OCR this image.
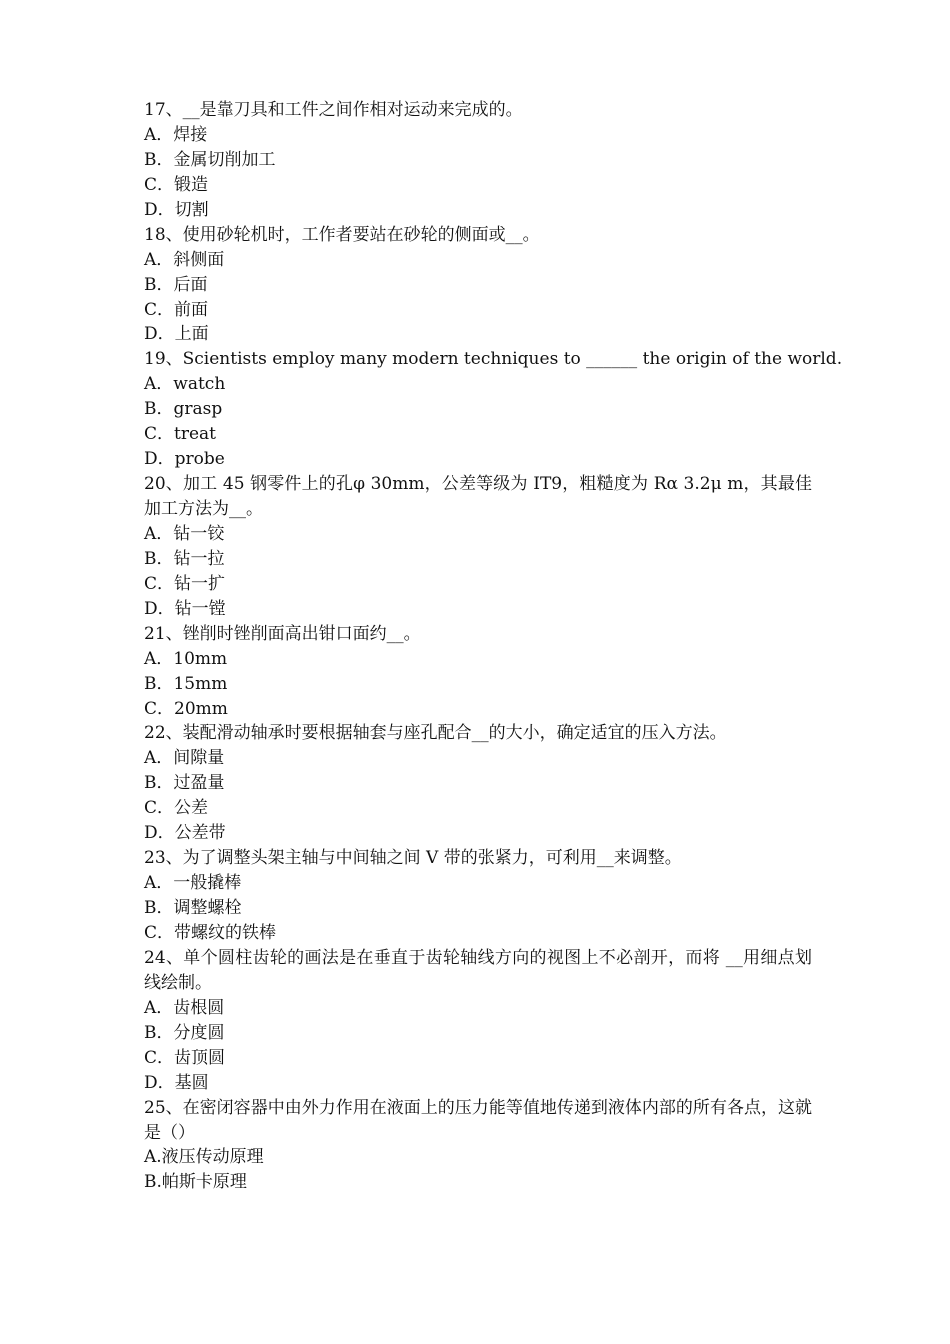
17、__是靠刀具和工件之间作相对运动来完成的。
A．焊接
B．金属切削加工
C．锻造
D．切割
18、使用砂轮机时，工作者要站在砂轮的侧面或__。
A．斜侧面
B．后面
C．前面
D．上面
19、Scientists employ many modern techniques to ______ the origin of the world.
A．watch
B．grasp
C．treat
D．probe
20、加工 45 钢零件上的孔φ 30mm，公差等级为 IT9，粗糙度为 Rα 3.2μ m，其最佳加工方法为__。
A．钻一铰
B．钻一拉
C．钻一扩
D．钻一镗
21、锉削时锉削面高出钳口面约__。
A．10mm
B．15mm
C．20mm
22、装配滑动轴承时要根据轴套与座孔配合__的大小，确定适宜的压入方法。
A．间隙量
B．过盈量
C．公差
D．公差带
23、为了调整头架主轴与中间轴之间 V 带的张紧力，可利用__来调整。
A．一般撬棒
B．调整螺栓
C．带螺纹的铁棒
24、单个圆柱齿轮的画法是在垂直于齿轮轴线方向的视图上不必剖开，而将 __用细点划线绘制。
A．齿根圆
B．分度圆
C．齿顶圆
D．基圆
25、在密闭容器中由外力作用在液面上的压力能等值地传递到液体内部的所有各点，这就是（）
A.液压传动原理
B.帕斯卡原理
